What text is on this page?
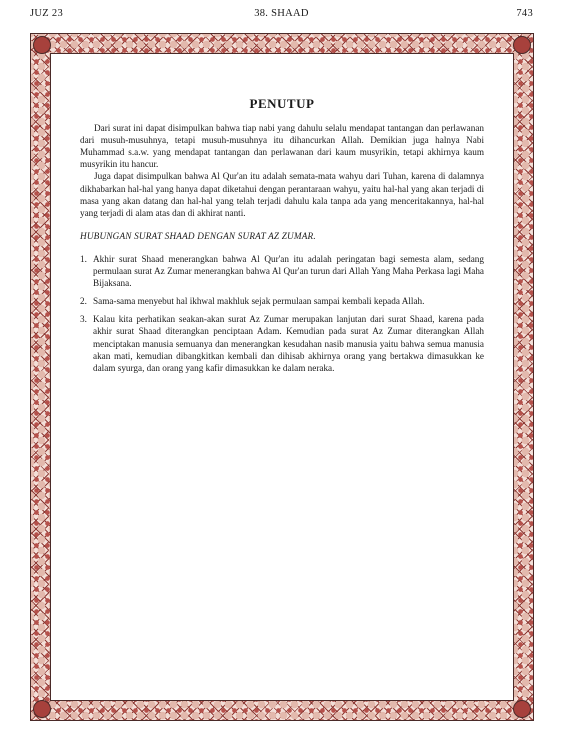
JUZ 23	38. SHAAD	743
PENUTUP

Dari surat ini dapat disimpulkan bahwa tiap nabi yang dahulu selalu mendapat tantangan dan perlawanan dari musuh-musuhnya, tetapi musuh-musuhnya itu dihancurkan Allah. Demikian juga halnya Nabi Muhammad s.a.w. yang mendapat tantangan dan perlawanan dari kaum musyrikin, tetapi akhirnya kaum musyrikin itu hancur.

Juga dapat disimpulkan bahwa Al Qur'an itu adalah semata-mata wahyu dari Tuhan, karena di dalamnya dikhabarkan hal-hal yang hanya dapat diketahui dengan perantaraan wahyu, yaitu hal-hal yang akan terjadi di masa yang akan datang dan hal-hal yang telah terjadi dahulu kala tanpa ada yang menceritakannya, hal-hal yang terjadi di alam atas dan di akhirat nanti.

HUBUNGAN SURAT SHAAD DENGAN SURAT AZ ZUMAR.
1. Akhir surat Shaad menerangkan bahwa Al Qur'an itu adalah peringatan bagi semesta alam, sedang permulaan surat Az Zumar menerangkan bahwa Al Qur'an turun dari Allah Yang Maha Perkasa lagi Maha Bijaksana.
2. Sama-sama menyebut hal ikhwal makhluk sejak permulaan sampai kembali kepada Allah.
3. Kalau kita perhatikan seakan-akan surat Az Zumar merupakan lanjutan dari surat Shaad, karena pada akhir surat Shaad diterangkan penciptaan Adam. Kemudian pada surat Az Zumar diterangkan Allah menciptakan manusia semuanya dan menerangkan kesudahan nasib manusia yaitu bahwa semua manusia akan mati, kemudian dibangkitkan kembali dan dihisab akhirnya orang yang bertakwa dimasukkan ke dalam syurga, dan orang yang kafir dimasukkan ke dalam neraka.
